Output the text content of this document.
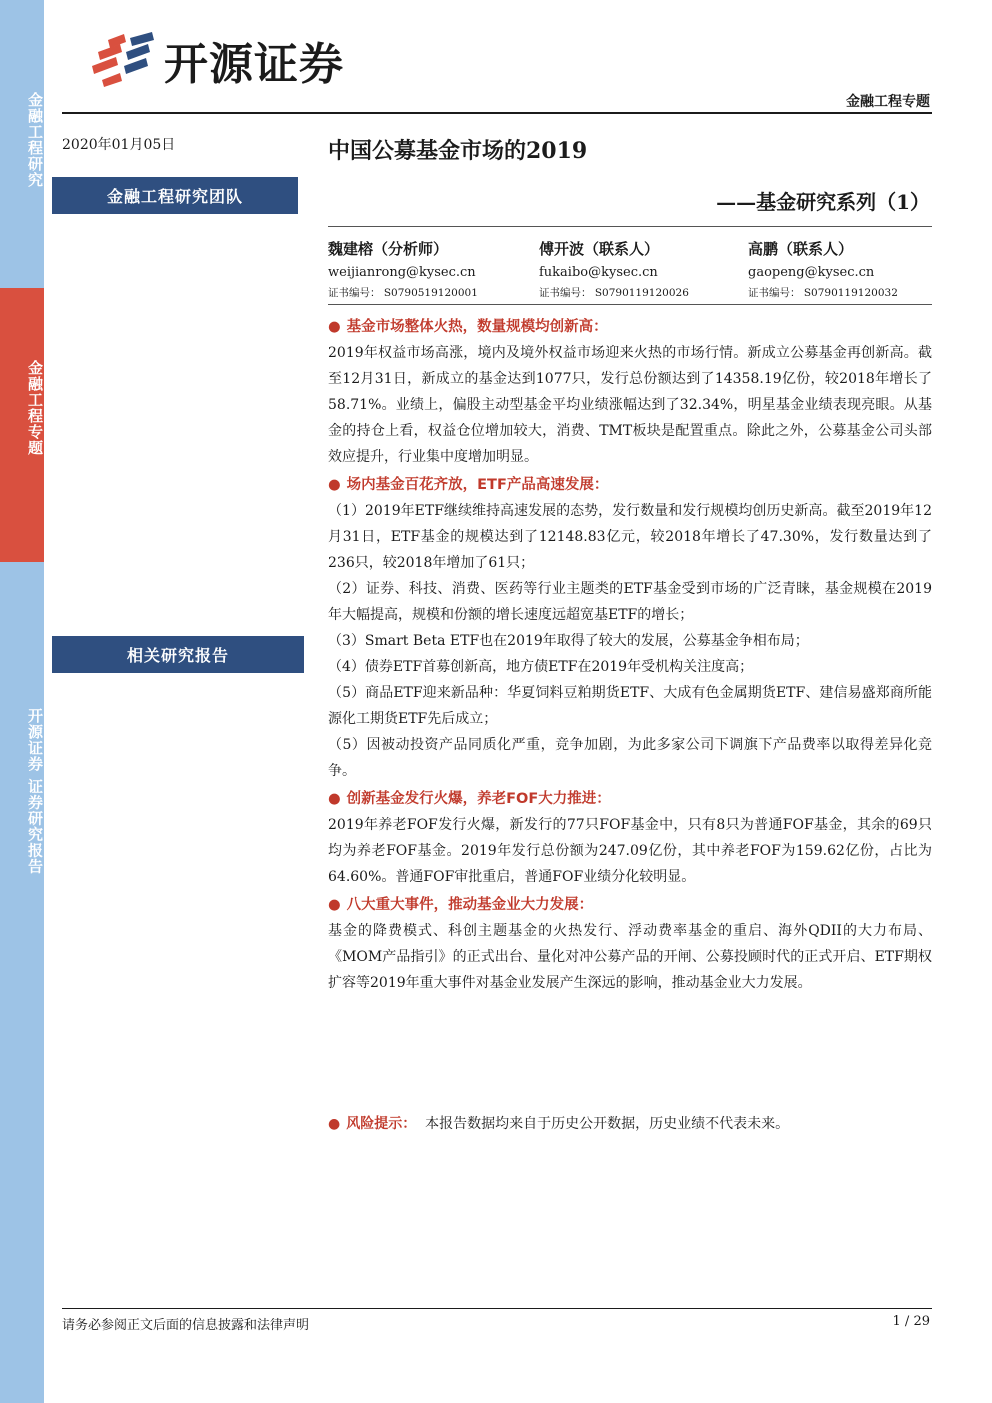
金融工程研究
金融工程专题
开源证券 证券研究报告
开源证券
金融工程专题
2020年01月05日
金融工程研究团队
相关研究报告
中国公募基金市场的2019
——基金研究系列（1）
魏建榕（分析师）
weijianrong@kysec.cn
证书编号： S0790519120001
傅开波（联系人）
fukaibo@kysec.cn
证书编号： S0790119120026
高鹏（联系人）
gaopeng@kysec.cn
证书编号： S0790119120032
● 基金市场整体火热，数量规模均创新高：
2019年权益市场高涨，境内及境外权益市场迎来火热的市场行情。新成立公募基金再创新高。截至12月31日，新成立的基金达到1077只，发行总份额达到了14358.19亿份，较2018年增长了58.71%。业绩上，偏股主动型基金平均业绩涨幅达到了32.34%，明星基金业绩表现亮眼。从基金的持仓上看，权益仓位增加较大，消费、TMT板块是配置重点。除此之外，公募基金公司头部效应提升，行业集中度增加明显。
● 场内基金百花齐放，ETF产品高速发展：
（1）2019年ETF继续维持高速发展的态势，发行数量和发行规模均创历史新高。截至2019年12月31日，ETF基金的规模达到了12148.83亿元，较2018年增长了47.30%，发行数量达到了236只，较2018年增加了61只；
（2）证券、科技、消费、医药等行业主题类的ETF基金受到市场的广泛青睐，基金规模在2019年大幅提高，规模和份额的增长速度远超宽基ETF的增长；
（3）Smart Beta ETF也在2019年取得了较大的发展，公募基金争相布局；
（4）债券ETF首募创新高，地方债ETF在2019年受机构关注度高；
（5）商品ETF迎来新品种：华夏饲料豆粕期货ETF、大成有色金属期货ETF、建信易盛郑商所能源化工期货ETF先后成立；
（5）因被动投资产品同质化严重，竞争加剧，为此多家公司下调旗下产品费率以取得差异化竞争。
● 创新基金发行火爆，养老FOF大力推进：
2019年养老FOF发行火爆，新发行的77只FOF基金中，只有8只为普通FOF基金，其余的69只均为养老FOF基金。2019年发行总份额为247.09亿份，其中养老FOF为159.62亿份，占比为64.60%。普通FOF审批重启，普通FOF业绩分化较明显。
● 八大重大事件，推动基金业大力发展：
基金的降费模式、科创主题基金的火热发行、浮动费率基金的重启、海外QDII的大力布局、《MOM产品指引》的正式出台、量化对冲公募产品的开闸、公募投顾时代的正式开启、ETF期权扩容等2019年重大事件对基金业发展产生深远的影响，推动基金业大力发展。
● 风险提示： 本报告数据均来自于历史公开数据，历史业绩不代表未来。
请务必参阅正文后面的信息披露和法律声明	1 / 29
